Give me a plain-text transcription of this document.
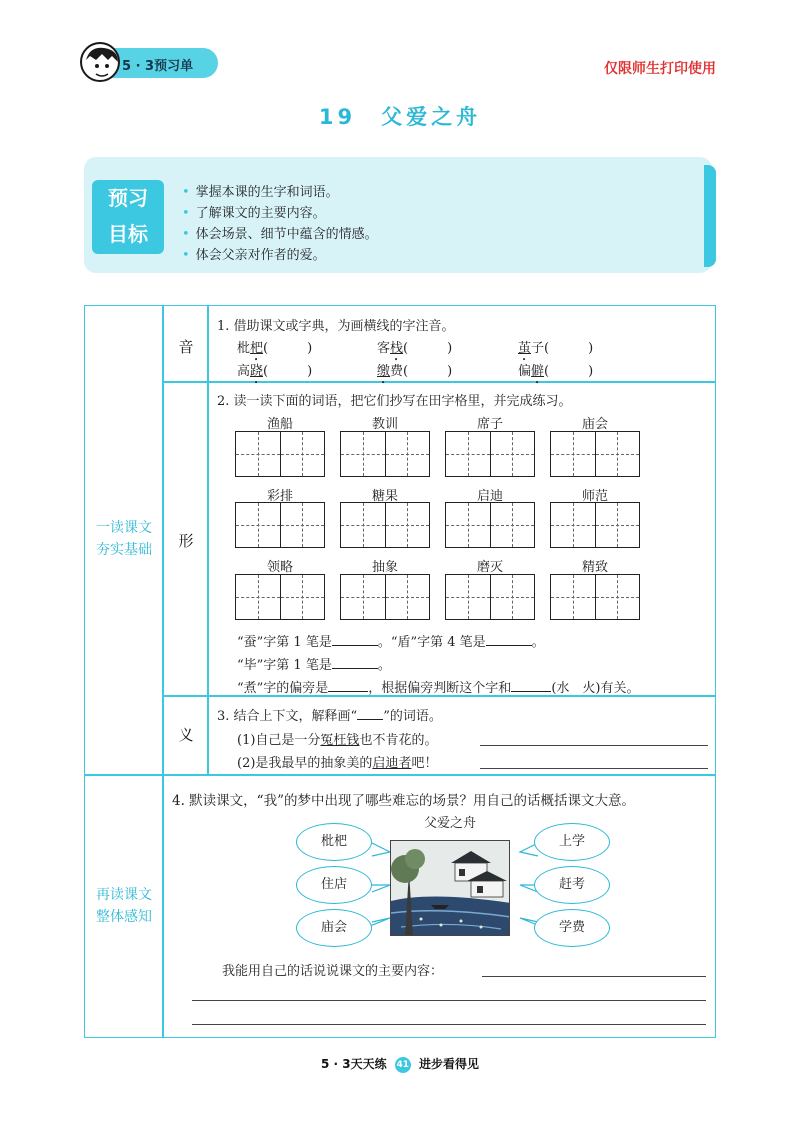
5 · 3预习单	仅限师生打印使用
19　父爱之舟
预习
目标
• 掌握本课的生字和词语。
• 了解课文的主要内容。
• 体会场景、细节中蕴含的情感。
• 体会父亲对作者的爱。
一读课文
夯实基础
再读课文
整体感知
音
形
义
1. 借助课文或字典，为画横线的字注音。
枇杷(　　　)	客栈(　　　)	茧子(　　　)
高跷(　　　)	缴费(　　　)	偏僻(　　　)
2. 读一读下面的词语，把它们抄写在田字格里，并完成练习。
渔船	教训	席子	庙会
彩排	糖果	启迪	师范
领略	抽象	磨灭	精致
“蚕”字第 1 笔是	。“盾”字第 4 笔是	。
“毕”字第 1 笔是	。
“煮”字的偏旁是	，根据偏旁判断这个字和	(水　火)有关。
3. 结合上下文，解释画“ ”的词语。
(1)自己是一分冤枉钱也不肯花的。
(2)是我最早的抽象美的启迪者吧！
4. 默读课文，“我”的梦中出现了哪些难忘的场景？用自己的话概括课文大意。
父爱之舟
枇杷
住店
庙会
上学
赶考
学费
我能用自己的话说说课文的主要内容：
5 · 3天天练 41 进步看得见
